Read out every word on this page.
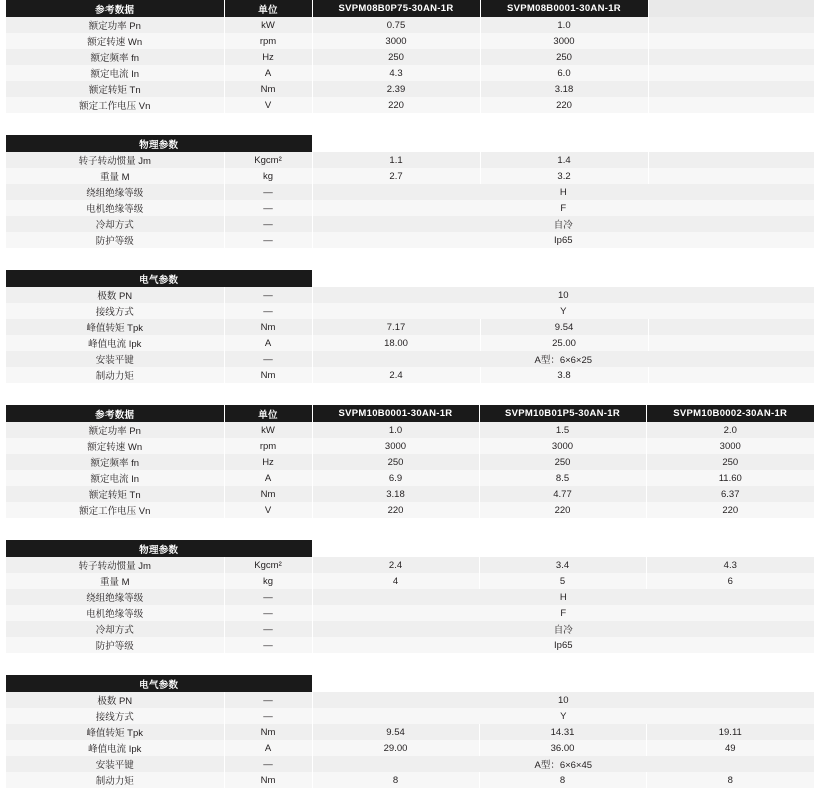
参考数据	单位	SVPM08B0P75-30AN-1R	SVPM08B0001-30AN-1R	
额定功率 Pn	kW	0.75	1.0	
额定转速 Wn	rpm	3000	3000	
额定频率 fn	Hz	250	250	
额定电流 In	A	4.3	6.0	
额定转矩 Tn	Nm	2.39	3.18	
额定工作电压 Vn	V	220	220	
物理参数				
转子转动惯量 Jm	Kgcm²	1.1	1.4	
重量 M	kg	2.7	3.2	
绕组绝缘等级	—	H		
电机绝缘等级	—	F		
冷却方式	—	自冷		
防护等级	—	Ip65		
电气参数				
极数 PN	—	10		
接线方式	—	Y		
峰值转矩 Tpk	Nm	7.17	9.54	
峰值电流 Ipk	A	18.00	25.00	
安装平键	—	A型：6×6×25		
制动力矩	Nm	2.4	3.8	
参考数据	单位	SVPM10B0001-30AN-1R	SVPM10B01P5-30AN-1R	SVPM10B0002-30AN-1R
额定功率 Pn	kW	1.0	1.5	2.0
额定转速 Wn	rpm	3000	3000	3000
额定频率 fn	Hz	250	250	250
额定电流 In	A	6.9	8.5	11.60
额定转矩 Tn	Nm	3.18	4.77	6.37
额定工作电压 Vn	V	220	220	220
物理参数				
转子转动惯量 Jm	Kgcm²	2.4	3.4	4.3
重量 M	kg	4	5	6
绕组绝缘等级	—	H		
电机绝缘等级	—	F		
冷却方式	—	自冷		
防护等级	—	Ip65		
电气参数				
极数 PN	—	10		
接线方式	—	Y		
峰值转矩 Tpk	Nm	9.54	14.31	19.11
峰值电流 Ipk	A	29.00	36.00	49
安装平键	—	A型：6×6×45		
制动力矩	Nm	8	8	8
